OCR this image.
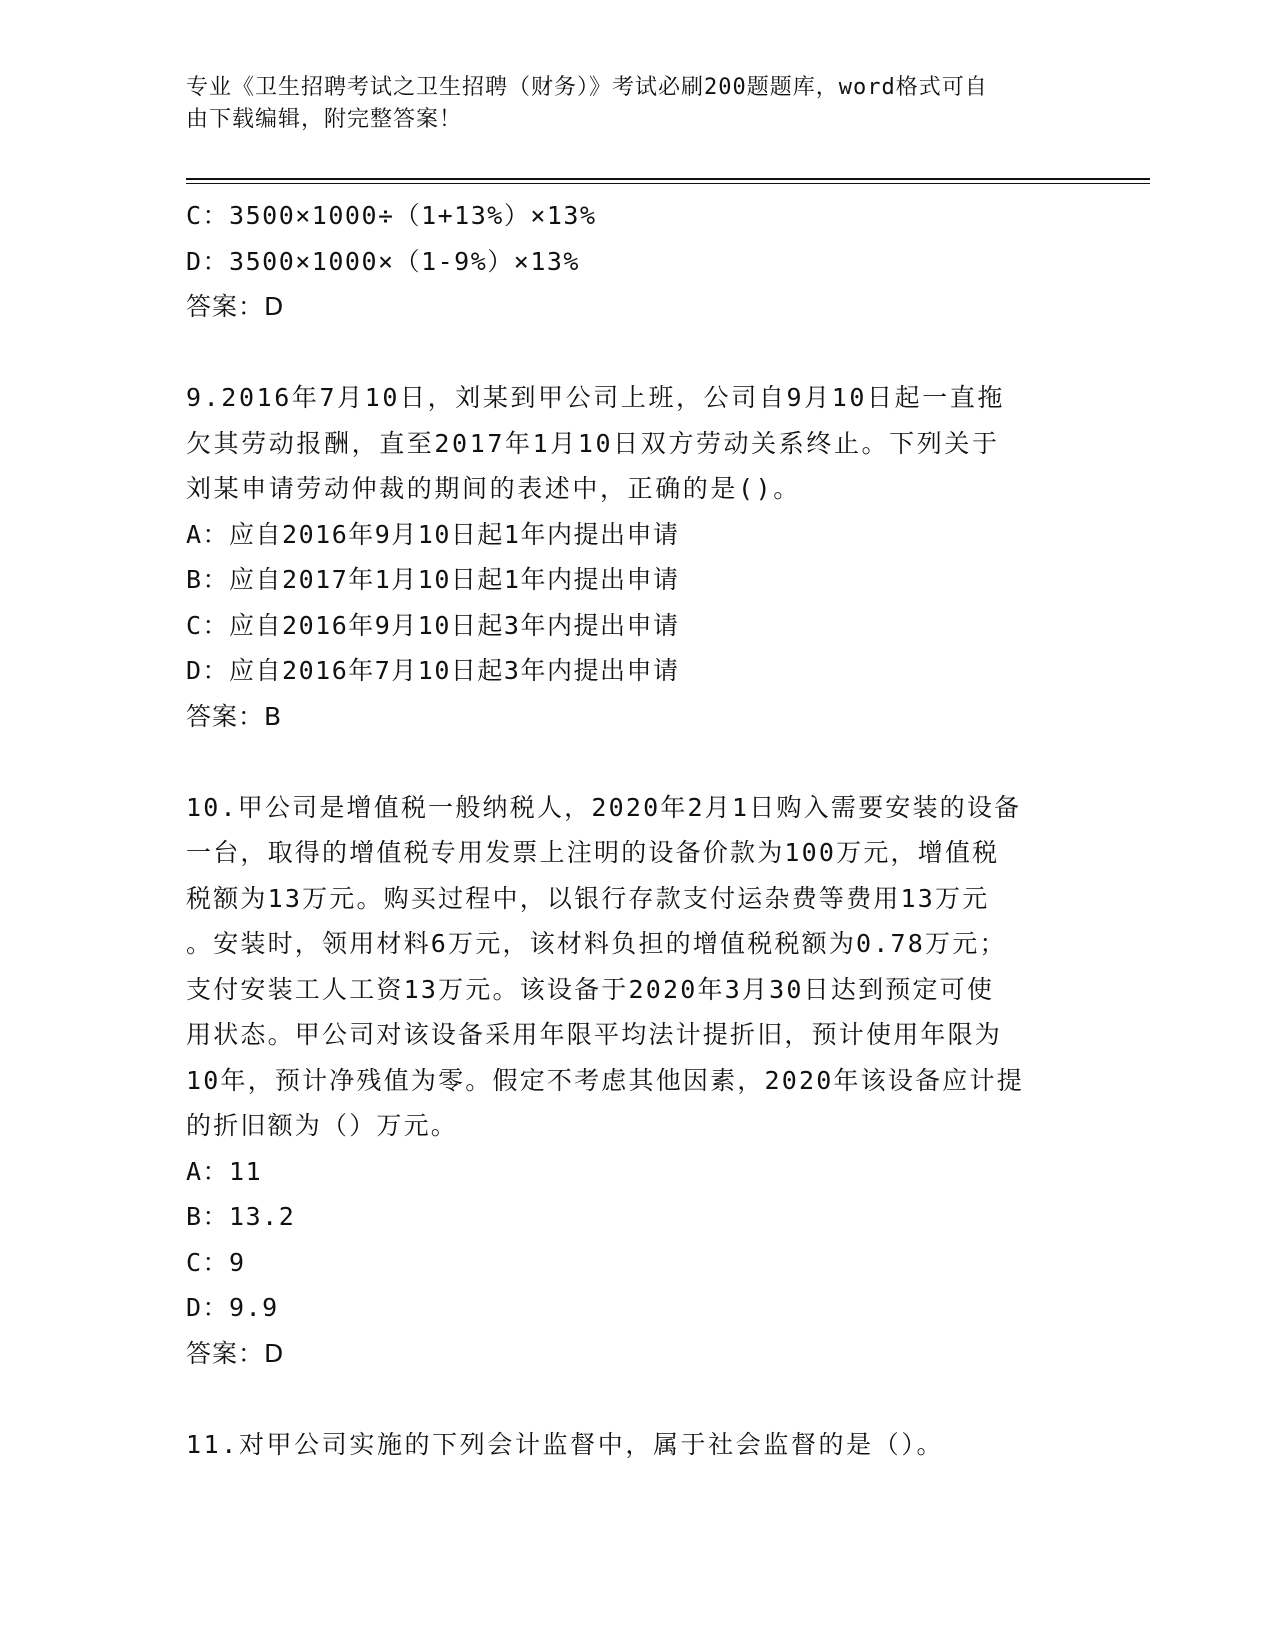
专业《卫生招聘考试之卫生招聘（财务）》考试必刷200题题库，word格式可自
由下载编辑，附完整答案！
C：3500×1000÷（1+13%）×13%
D：3500×1000×（1-9%）×13%
答案：D
9.2016年7月10日，刘某到甲公司上班，公司自9月10日起一直拖
欠其劳动报酬，直至2017年1月10日双方劳动关系终止。下列关于
刘某申请劳动仲裁的期间的表述中，正确的是()。
A：应自2016年9月10日起1年内提出申请
B：应自2017年1月10日起1年内提出申请
C：应自2016年9月10日起3年内提出申请
D：应自2016年7月10日起3年内提出申请
答案：B
10.甲公司是增值税一般纳税人，2020年2月1日购入需要安装的设备
一台，取得的增值税专用发票上注明的设备价款为100万元，增值税
税额为13万元。购买过程中，以银行存款支付运杂费等费用13万元
。安装时，领用材料6万元，该材料负担的增值税税额为0.78万元；
支付安装工人工资13万元。该设备于2020年3月30日达到预定可使
用状态。甲公司对该设备采用年限平均法计提折旧，预计使用年限为
10年，预计净残值为零。假定不考虑其他因素，2020年该设备应计提
的折旧额为（）万元。
A：11
B：13.2
C：9
D：9.9
答案：D
11.对甲公司实施的下列会计监督中，属于社会监督的是（）。
